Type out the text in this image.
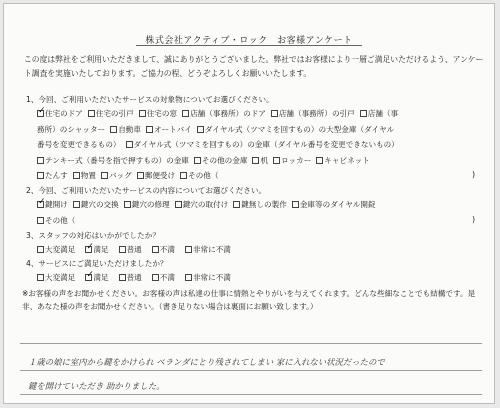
株式会社アクティブ・ロック　お客様アンケート
この度は弊社をご利用いただきまして、誠にありがとうございました。弊社ではお客様により一層ご満足いただけるよう、アンケート調査を実施いたしております。ご協力の程、どうぞよろしくお願いいたします。
1、今回、ご利用いただいたサービスの対象物についてお選びください。
✓住宅のドア 住宅の引戸 住宅の窓 店舗（事務所）のドア 店舗（事務所）の引戸 店舗（事
務所）のシャッター 自動車 オートバイ ダイヤル式（ツマミを回すもの）の大型金庫（ダイヤル
番号を変更できるもの） ダイヤル式（ツマミを回すもの）の金庫（ダイヤル番号を変更できないもの）
テンキー式（番号を指で押すもの）の金庫 その他の金庫 机 ロッカー キャビネット
たんす 物置 バッグ 郵便受け その他（
2、今回、ご利用いただいたサービスの内容についてお選びください。
✓鍵開け 鍵穴の交換 鍵穴の修理 鍵穴の取付け 鍵無しの製作 金庫等のダイヤル開錠
その他（
3、スタッフの対応はいかがでしたか？
大変満足 ✓ 満足 普通 不満 非常に不満
4、サービスにご満足いただけましたか？
大変満足 ✓ 満足 普通 不満 非常に不満
)
)
※お客様の声をお聞かせください。お客様の声は私達の仕事に情熱とやりがいを与えてくれます。どんな些細なことでも結構です。是非、あなた様の声をお聞かせください。（書き足りない場合は裏面にお願い致します。）
１歳の娘に室内から鍵をかけられ ベランダにとり残されてしまい 家に入れない状況だったので
鍵を開けていただき 助かりました。
